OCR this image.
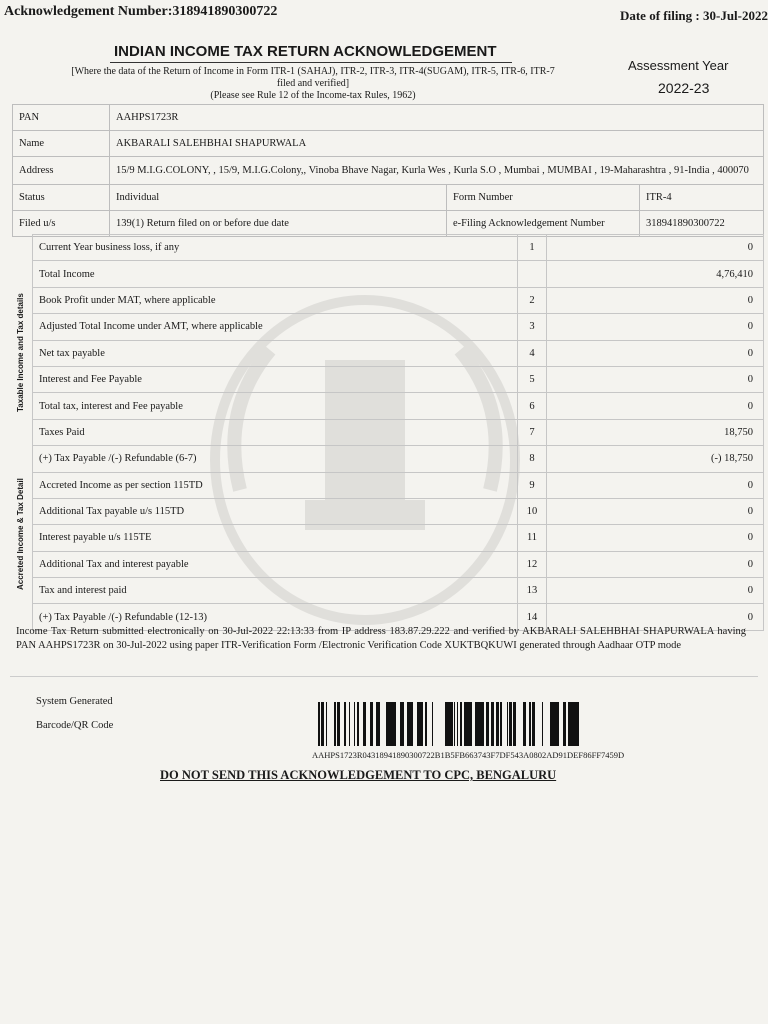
Acknowledgement Number:318941890300722	Date of filing : 30-Jul-2022
INDIAN INCOME TAX RETURN ACKNOWLEDGEMENT
[Where the data of the Return of Income in Form ITR-1 (SAHAJ), ITR-2, ITR-3, ITR-4(SUGAM), ITR-5, ITR-6, ITR-7
filed and verified]
(Please see Rule 12 of the Income-tax Rules, 1962)
Assessment Year
2022-23
PAN	AAHPS1723R		
Name	AKBARALI SALEHBHAI SHAPURWALA		
Address	15/9 M.I.G.COLONY, , 15/9, M.I.G.Colony,, Vinoba Bhave Nagar, Kurla Wes , Kurla S.O , Mumbai , MUMBAI , 19-Maharashtra , 91-India , 400070		
Status	Individual	Form Number	ITR-4
Filed u/s	139(1) Return filed on or before due date	e-Filing Acknowledgement Number	318941890300722
Taxable Income and Tax details
Accreted Income & Tax Detail
Current Year business loss, if any	1	0
Total Income		4,76,410
Book Profit under MAT, where applicable	2	0
Adjusted Total Income under AMT, where applicable	3	0
Net tax payable	4	0
Interest and Fee Payable	5	0
Total tax, interest and Fee payable	6	0
Taxes Paid	7	18,750
(+) Tax Payable /(-) Refundable (6-7)	8	(-) 18,750
Accreted Income as per section 115TD	9	0
Additional Tax payable u/s 115TD	10	0
Interest payable u/s 115TE	11	0
Additional Tax and interest payable	12	0
Tax and interest paid	13	0
(+) Tax Payable /(-) Refundable (12-13)	14	0
Income Tax Return submitted electronically on 30-Jul-2022 22:13:33 from IP address 183.87.29.222 and verified by AKBARALI SALEHBHAI SHAPURWALA having PAN AAHPS1723R on 30-Jul-2022 using paper ITR-Verification Form /Electronic Verification Code XUKTBQKUWI generated through Aadhaar OTP mode
System Generated
Barcode/QR Code
AAHPS1723R04318941890300722B1B5FB663743F7DF543A0802AD91DEF86FF7459D
DO NOT SEND THIS ACKNOWLEDGEMENT TO CPC, BENGALURU
